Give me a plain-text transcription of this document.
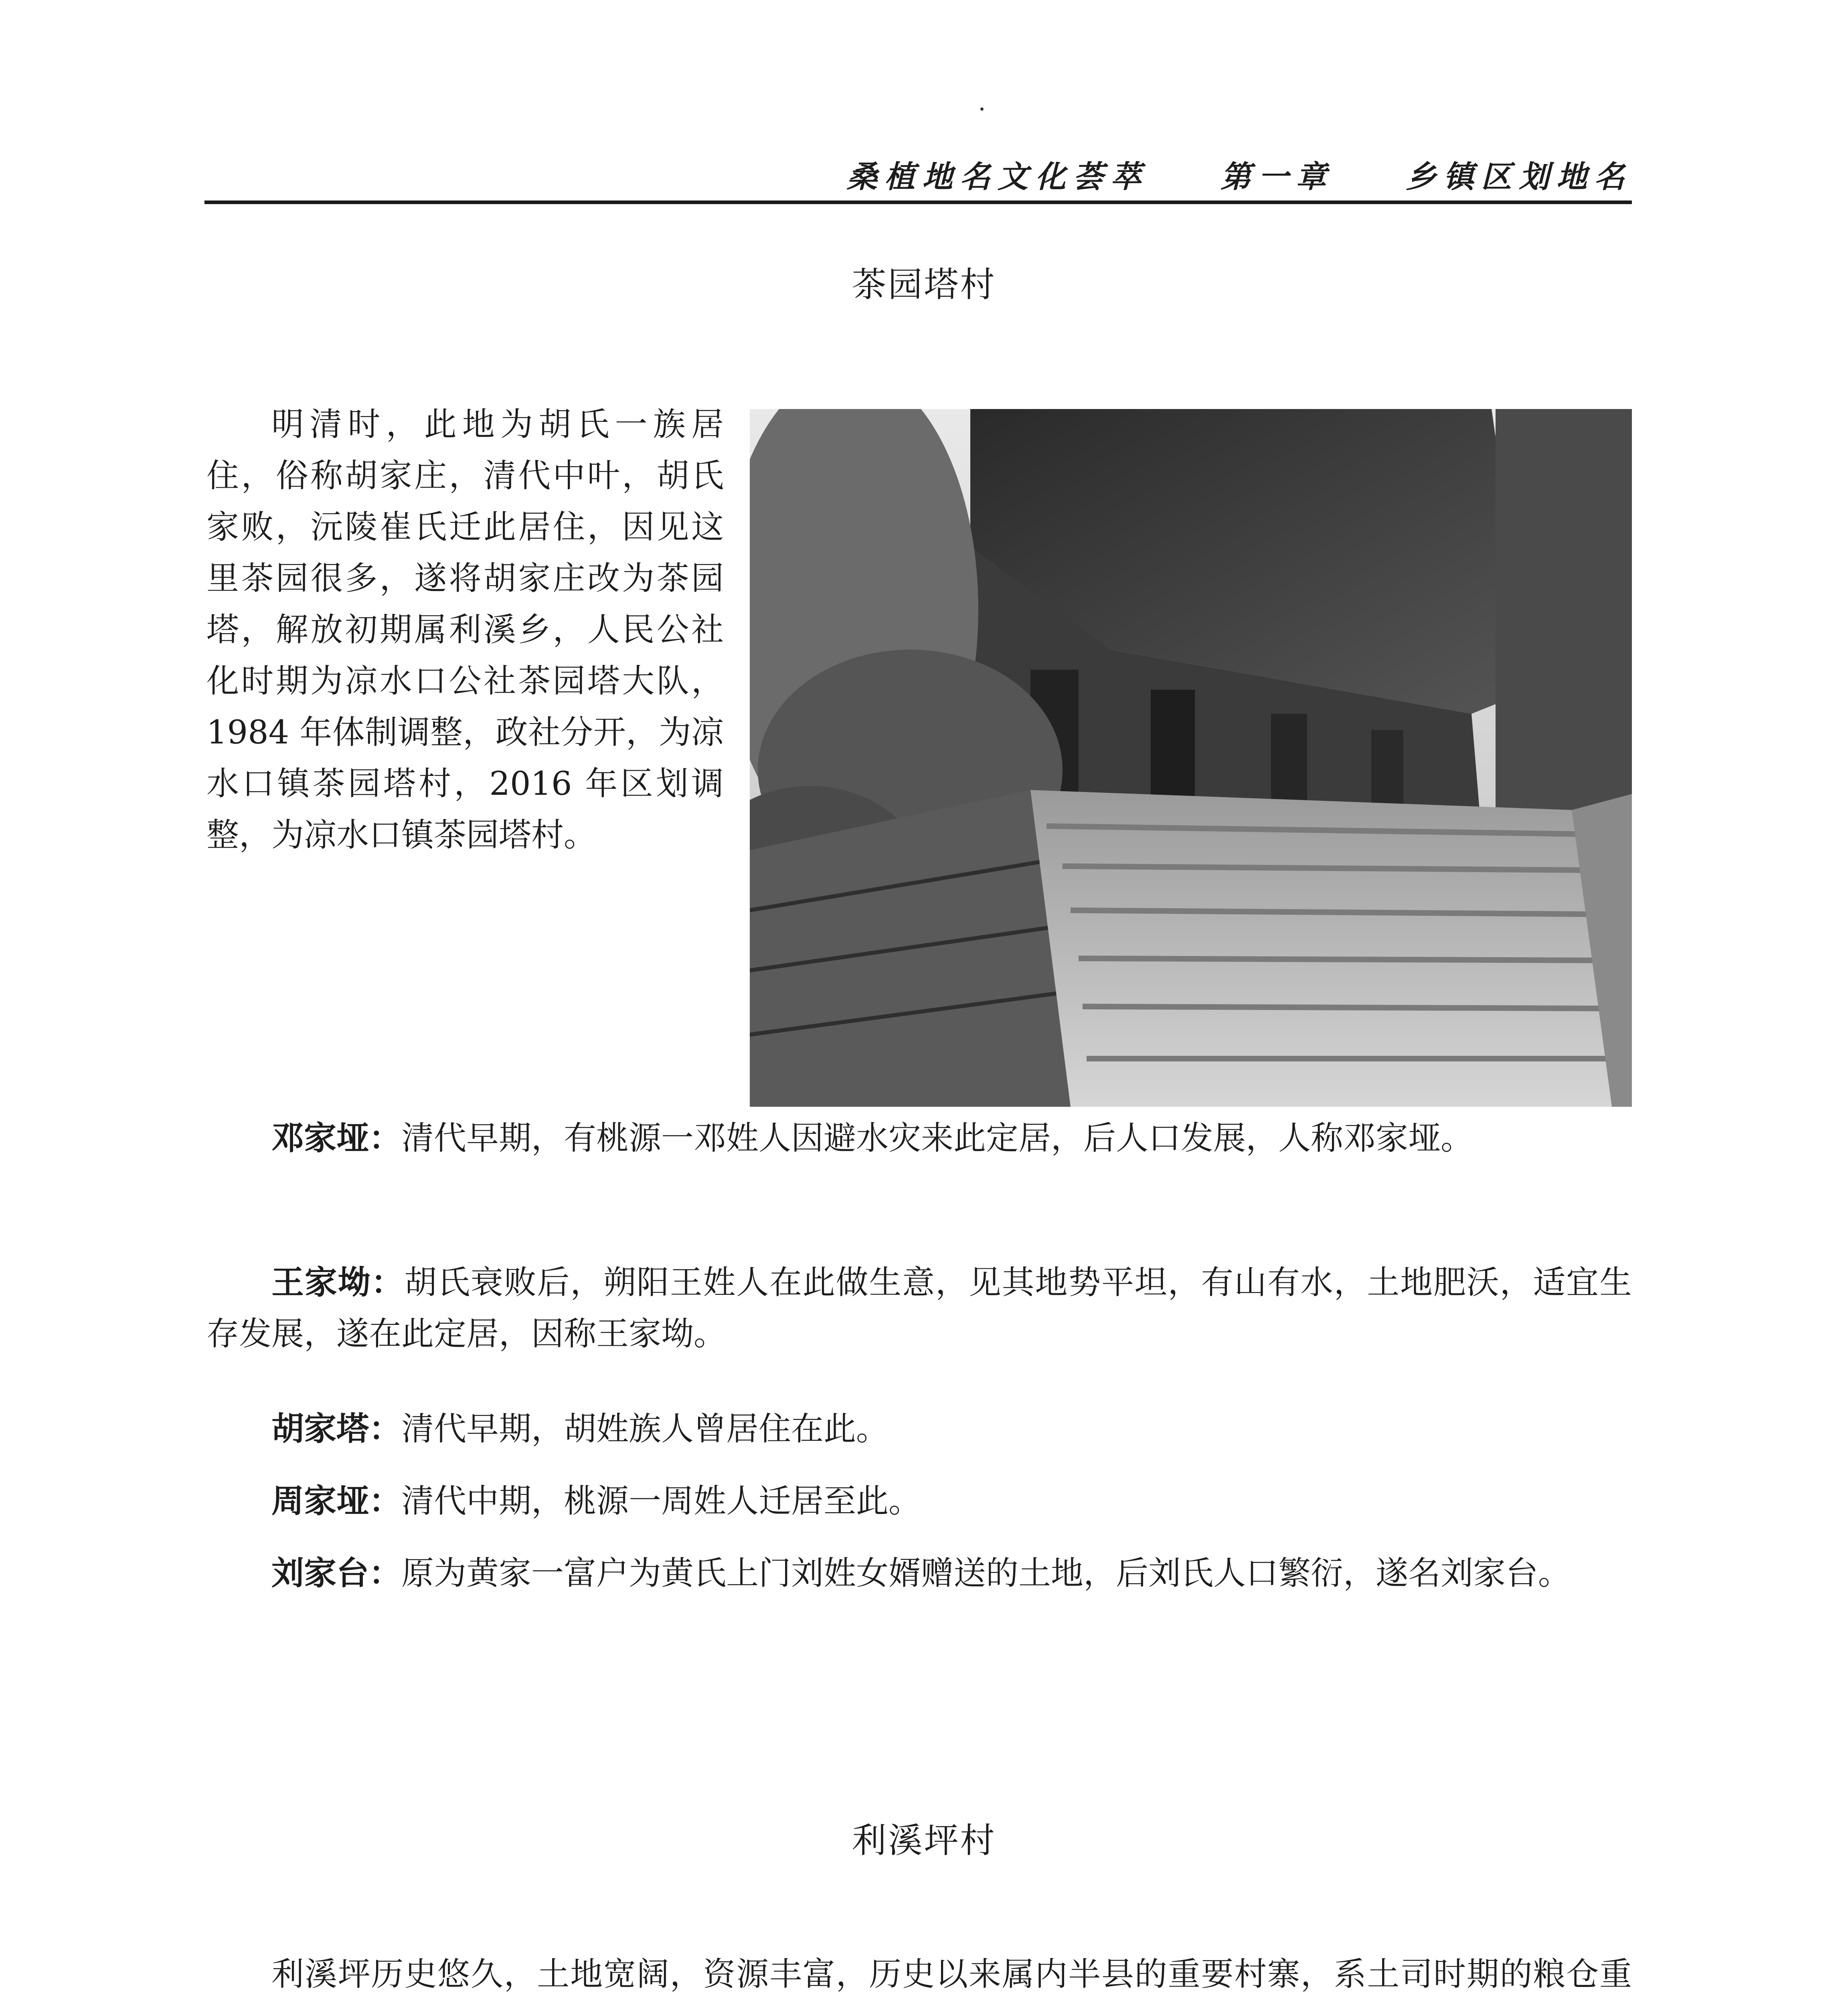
桑植地名文化荟萃 第一章 乡镇区划地名
茶园塔村

明清时，此地为胡氏一族居住，俗称胡家庄，清代中叶，胡氏家败，沅陵崔氏迁此居住，因见这里茶园很多，遂将胡家庄改为茶园塔，解放初期属利溪乡，人民公社化时期为凉水口公社茶园塔大队，1984 年体制调整，政社分开，为凉水口镇茶园塔村，2016 年区划调整，为凉水口镇茶园塔村。

邓家垭：清代早期，有桃源一邓姓人因避水灾来此定居，后人口发展，人称邓家垭。

王家坳：胡氏衰败后，朔阳王姓人在此做生意，见其地势平坦，有山有水，土地肥沃，适宜生存发展，遂在此定居，因称王家坳。

胡家塔：清代早期，胡姓族人曾居住在此。

周家垭：清代中期，桃源一周姓人迁居至此。

刘家台：原为黄家一富户为黄氏上门刘姓女婿赠送的土地，后刘氏人口繁衍，遂名刘家台。

利溪坪村

利溪坪历史悠久，土地宽阔，资源丰富，历史以来属内半县的重要村寨，系土司时期的粮仓重
